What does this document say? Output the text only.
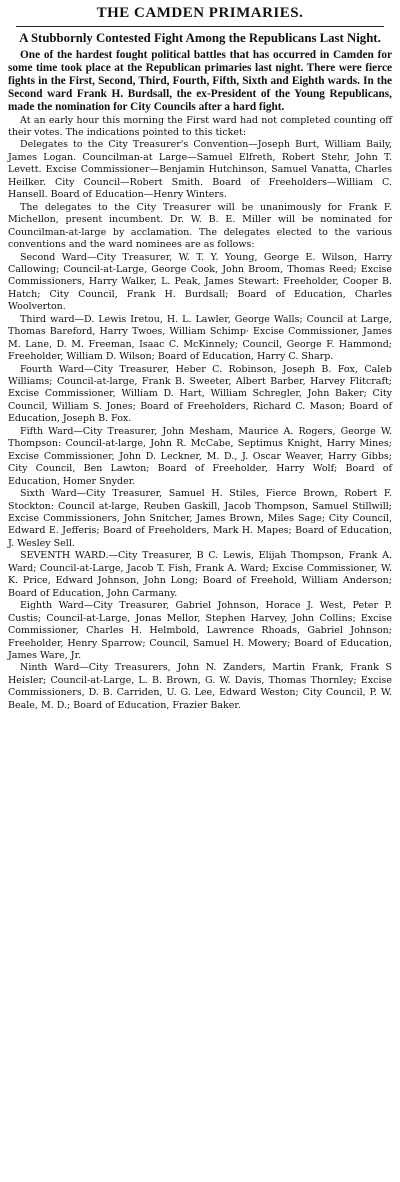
THE CAMDEN PRIMARIES.
A Stubbornly Contested Fight Among the Republicans Last Night.

One of the hardest fought political battles that has occurred in Camden for some time took place at the Republican primaries last night. There were fierce fights in the First, Second, Third, Fourth, Fifth, Sixth and Eighth wards. In the Second ward Frank H. Burdsall, the ex-President of the Young Republicans, made the nomination for City Councils after a hard fight.

At an early hour this morning the First ward had not completed counting off their votes. The indications pointed to this ticket:

Delegates to the City Treasurer's Convention—Joseph Burt, William Baily, James Logan. Councilman-at Large—Samuel Elfreth, Robert Stehr, John T. Levett. Excise Commissioner—Benjamin Hutchinson, Samuel Vanatta, Charles Heilker. City Council—Robert Smith. Board of Freeholders—William C. Hansell. Board of Education—Henry Winters.

The delegates to the City Treasurer will be unanimously for Frank F. Michellon, present incumbent. Dr. W. B. E. Miller will be nominated for Councilman-at-large by acclamation. The delegates elected to the various conventions and the ward nominees are as follows:

Second Ward—City Treasurer, W. T. Y. Young, George E. Wilson, Harry Callowing; Council-at-Large, George Cook, John Broom, Thomas Reed; Excise Commissioners, Harry Walker, L. Peak, James Stewart: Freeholder, Cooper B. Hatch; City Council, Frank H. Burdsall; Board of Education, Charles Woolverton.

Third ward—D. Lewis Iretou, H. L. Lawler, George Walls; Council at Large, Thomas Bareford, Harry Twoes, William Schimp· Excise Commissioner, James M. Lane, D. M. Freeman, Isaac C. McKinnely; Council, George F. Hammond; Freeholder, William D. Wilson; Board of Education, Harry C. Sharp.

Fourth Ward—City Treasurer, Heber C. Robinson, Joseph B. Fox, Caleb Williams; Council-at-large, Frank B. Sweeter, Albert Barber, Harvey Flitcraft; Excise Commissioner, William D. Hart, William Schregler, John Baker; City Council, William S. Jones; Board of Freeholders, Richard C. Mason; Board of Education, Joseph B. Fox.

Fifth Ward—City Treasurer, John Mesham, Maurice A. Rogers, George W. Thompson: Council-at-large, John R. McCabe, Septimus Knight, Harry Mines; Excise Commissioner, John D. Leckner, M. D., J. Oscar Weaver, Harry Gibbs; City Council, Ben Lawton; Board of Freeholder, Harry Wolf; Board of Education, Homer Snyder.

Sixth Ward—City Treasurer, Samuel H. Stiles, Fierce Brown, Robert F. Stockton: Council at-large, Reuben Gaskill, Jacob Thompson, Samuel Stillwill; Excise Commissioners, John Snitcher, James Brown, Miles Sage; City Council, Edward E. Jefferis; Board of Freeholders, Mark H. Mapes; Board of Education, J. Wesley Sell.

SEVENTH WARD.—City Treasurer, B C. Lewis, Elijah Thompson, Frank A. Ward; Council-at-Large, Jacob T. Fish, Frank A. Ward; Excise Commissioner, W. K. Price, Edward Johnson, John Long; Board of Freehold, William Anderson; Board of Education, John Carmany.

Eighth Ward—City Treasurer, Gabriel Johnson, Horace J. West, Peter P. Custis; Council-at-Large, Jonas Mellor, Stephen Harvey, John Collins; Excise Commissioner, Charles H. Helmbold, Lawrence Rhoads, Gabriel Johnson; Freeholder, Henry Sparrow; Council, Samuel H. Mowery; Board of Education, James Ware, Jr.

Ninth Ward—City Treasurers, John N. Zanders, Martin Frank, Frank S Heisler; Council-at-Large, L. B. Brown, G. W. Davis, Thomas Thornley; Excise Commissioners, D. B. Carriden, U. G. Lee, Edward Weston; City Council, P. W. Beale, M. D.; Board of Education, Frazier Baker.
